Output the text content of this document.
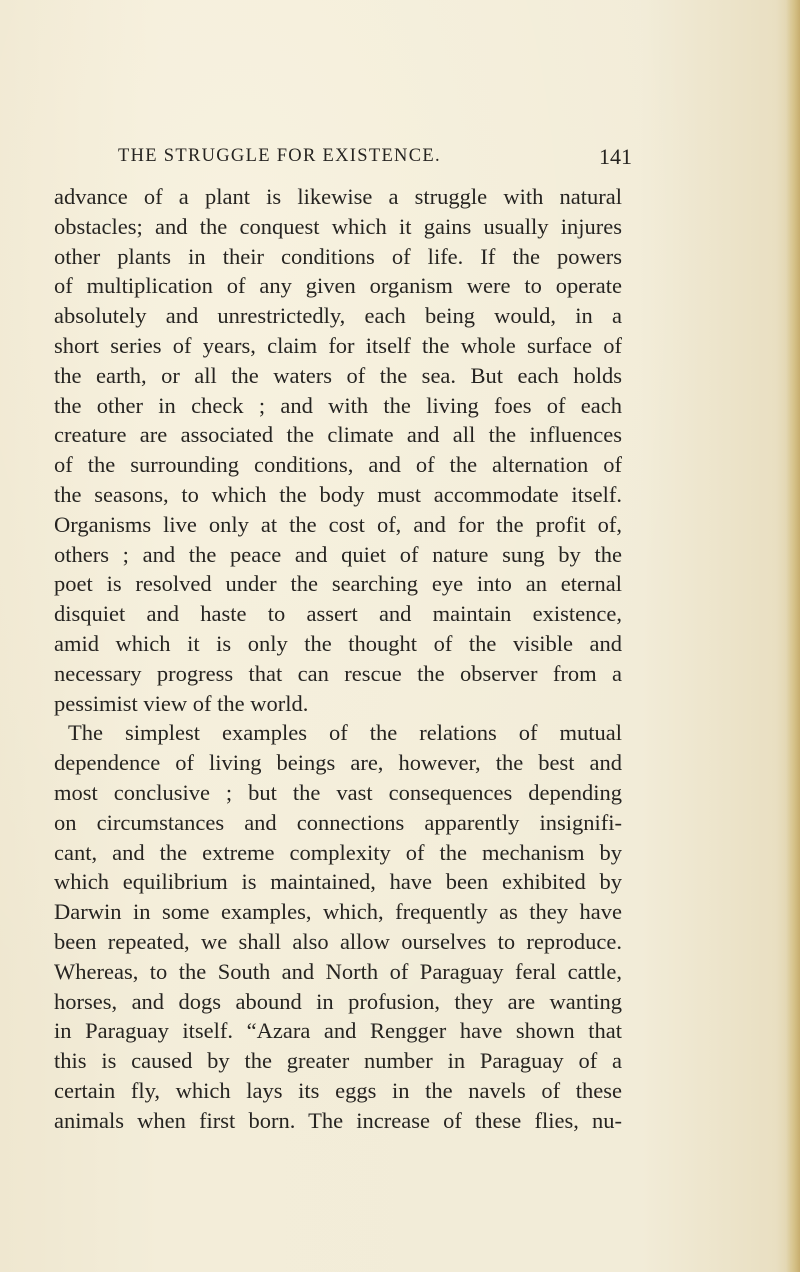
THE STRUGGLE FOR EXISTENCE.	141
advance of a plant is likewise a struggle with natural
obstacles; and the conquest which it gains usually injures
other plants in their conditions of life. If the powers
of multiplication of any given organism were to operate
absolutely and unrestrictedly, each being would, in a
short series of years, claim for itself the whole surface of
the earth, or all the waters of the sea. But each holds
the other in check ; and with the living foes of each
creature are associated the climate and all the influences
of the surrounding conditions, and of the alternation of
the seasons, to which the body must accommodate itself.
Organisms live only at the cost of, and for the profit of,
others ; and the peace and quiet of nature sung by the
poet is resolved under the searching eye into an eternal
disquiet and haste to assert and maintain existence,
amid which it is only the thought of the visible and
necessary progress that can rescue the observer from a
pessimist view of the world.
The simplest examples of the relations of mutual
dependence of living beings are, however, the best and
most conclusive ; but the vast consequences depending
on circumstances and connections apparently insignifi-
cant, and the extreme complexity of the mechanism by
which equilibrium is maintained, have been exhibited by
Darwin in some examples, which, frequently as they have
been repeated, we shall also allow ourselves to reproduce.
Whereas, to the South and North of Paraguay feral cattle,
horses, and dogs abound in profusion, they are wanting
in Paraguay itself. “Azara and Rengger have shown that
this is caused by the greater number in Paraguay of a
certain fly, which lays its eggs in the navels of these
animals when first born. The increase of these flies, nu-
